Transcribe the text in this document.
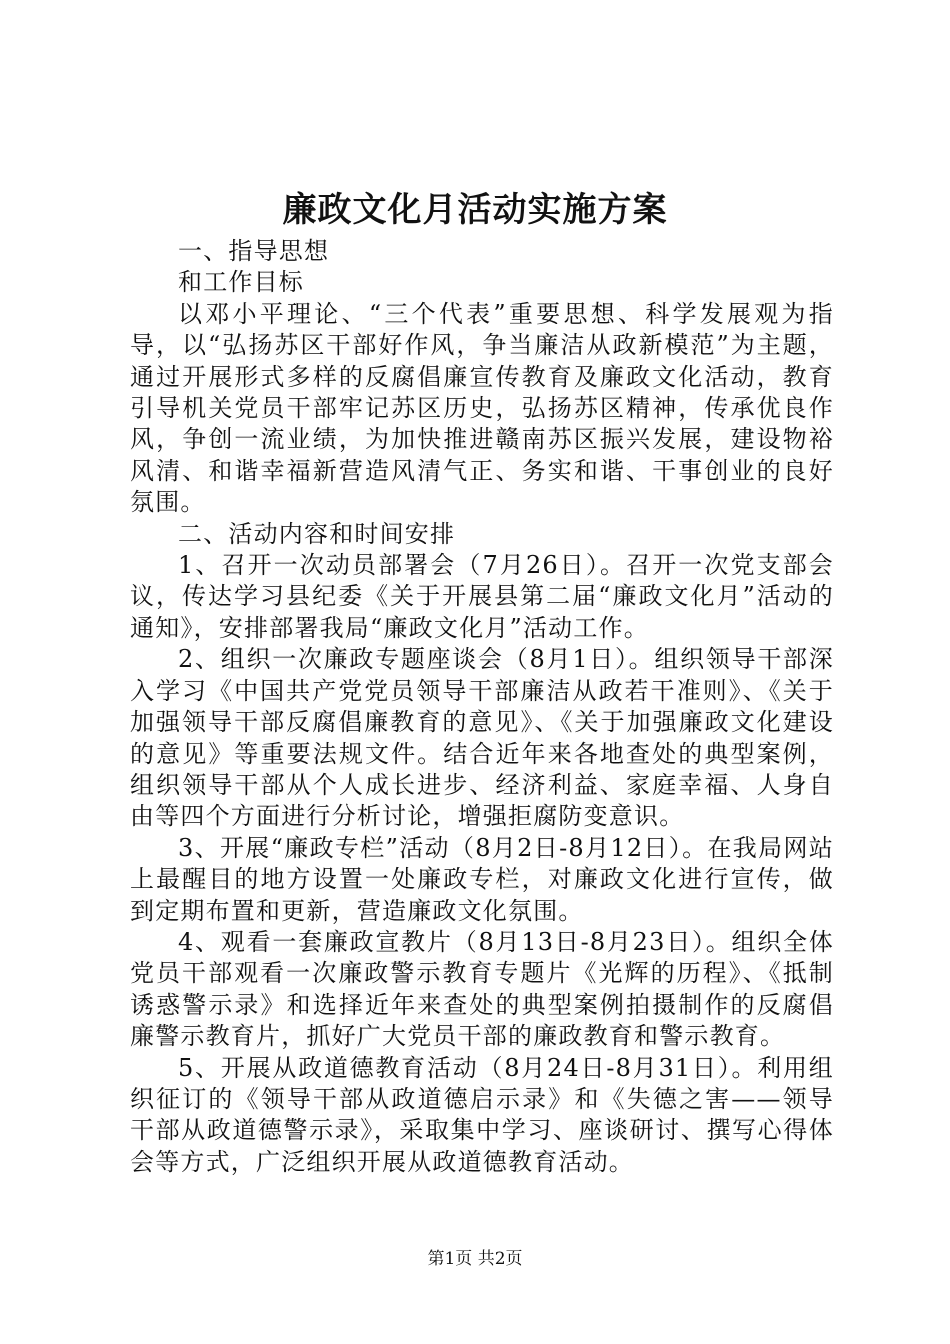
廉政文化月活动实施方案

一、指导思想

和工作目标

以邓小平理论、“三个代表”重要思想、科学发展观为指导，以“弘扬苏区干部好作风，争当廉洁从政新模范”为主题，通过开展形式多样的反腐倡廉宣传教育及廉政文化活动，教育引导机关党员干部牢记苏区历史，弘扬苏区精神，传承优良作风，争创一流业绩，为加快推进赣南苏区振兴发展，建设物裕风清、和谐幸福新营造风清气正、务实和谐、干事创业的良好氛围。

二、活动内容和时间安排

1、召开一次动员部署会（7月26日）。召开一次党支部会议，传达学习县纪委《关于开展县第二届“廉政文化月”活动的通知》，安排部署我局“廉政文化月”活动工作。

2、组织一次廉政专题座谈会（8月1日）。组织领导干部深入学习《中国共产党党员领导干部廉洁从政若干准则》、《关于加强领导干部反腐倡廉教育的意见》、《关于加强廉政文化建设的意见》等重要法规文件。结合近年来各地查处的典型案例，组织领导干部从个人成长进步、经济利益、家庭幸福、人身自由等四个方面进行分析讨论，增强拒腐防变意识。

3、开展“廉政专栏”活动（8月2日-8月12日）。在我局网站上最醒目的地方设置一处廉政专栏，对廉政文化进行宣传，做到定期布置和更新，营造廉政文化氛围。

4、观看一套廉政宣教片（8月13日-8月23日）。组织全体党员干部观看一次廉政警示教育专题片《光辉的历程》、《抵制诱惑警示录》和选择近年来查处的典型案例拍摄制作的反腐倡廉警示教育片，抓好广大党员干部的廉政教育和警示教育。

5、开展从政道德教育活动（8月24日-8月31日）。利用组织征订的《领导干部从政道德启示录》和《失德之害——领导干部从政道德警示录》，采取集中学习、座谈研讨、撰写心得体会等方式，广泛组织开展从政道德教育活动。

第1页 共2页
